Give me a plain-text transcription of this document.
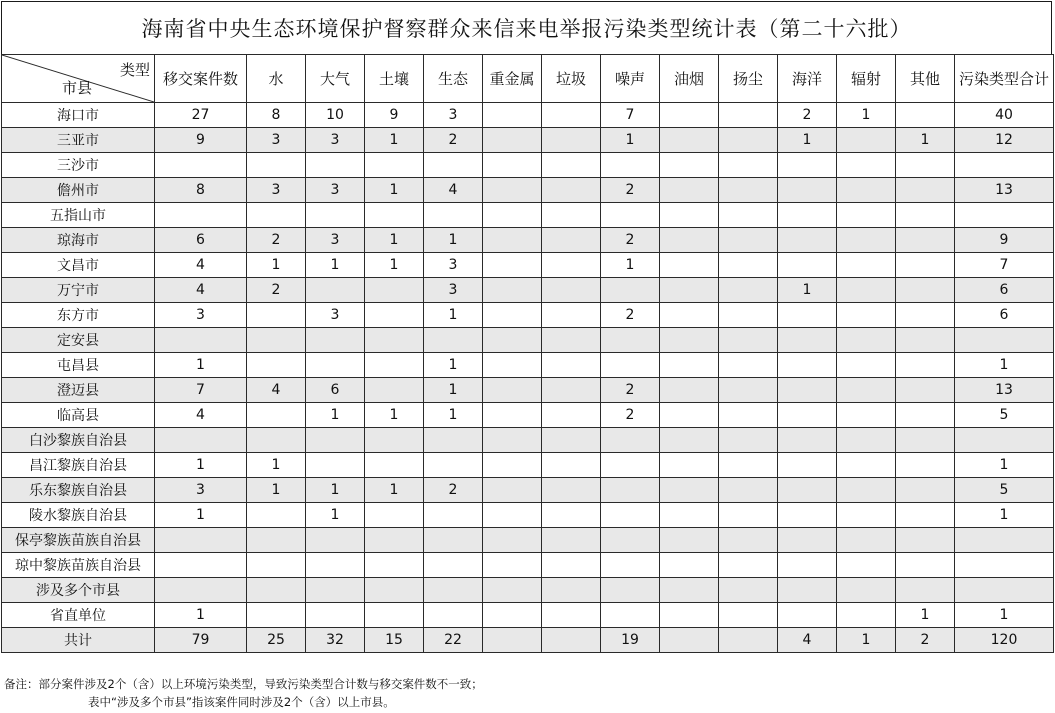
海南省中央生态环境保护督察群众来信来电举报污染类型统计表（第二十六批）
类型
市县	移交案件数	水	大气	土壤	生态	重金属	垃圾	噪声	油烟	扬尘	海洋	辐射	其他	污染类型合计
海口市	27	8	10	9	3			7			2	1		40
三亚市	9	3	3	1	2			1			1		1	12
三沙市														
儋州市	8	3	3	1	4			2						13
五指山市														
琼海市	6	2	3	1	1			2						9
文昌市	4	1	1	1	3			1						7
万宁市	4	2			3						1			6
东方市	3		3		1			2						6
定安县														
屯昌县	1				1									1
澄迈县	7	4	6		1			2						13
临高县	4		1	1	1			2						5
白沙黎族自治县														
昌江黎族自治县	1	1												1
乐东黎族自治县	3	1	1	1	2									5
陵水黎族自治县	1		1											1
保亭黎族苗族自治县														
琼中黎族苗族自治县														
涉及多个市县														
省直单位	1												1	1
共计	79	25	32	15	22			19			4	1	2	120
备注：部分案件涉及2个（含）以上环境污染类型，导致污染类型合计数与移交案件数不一致；
表中“涉及多个市县”指该案件同时涉及2个（含）以上市县。
